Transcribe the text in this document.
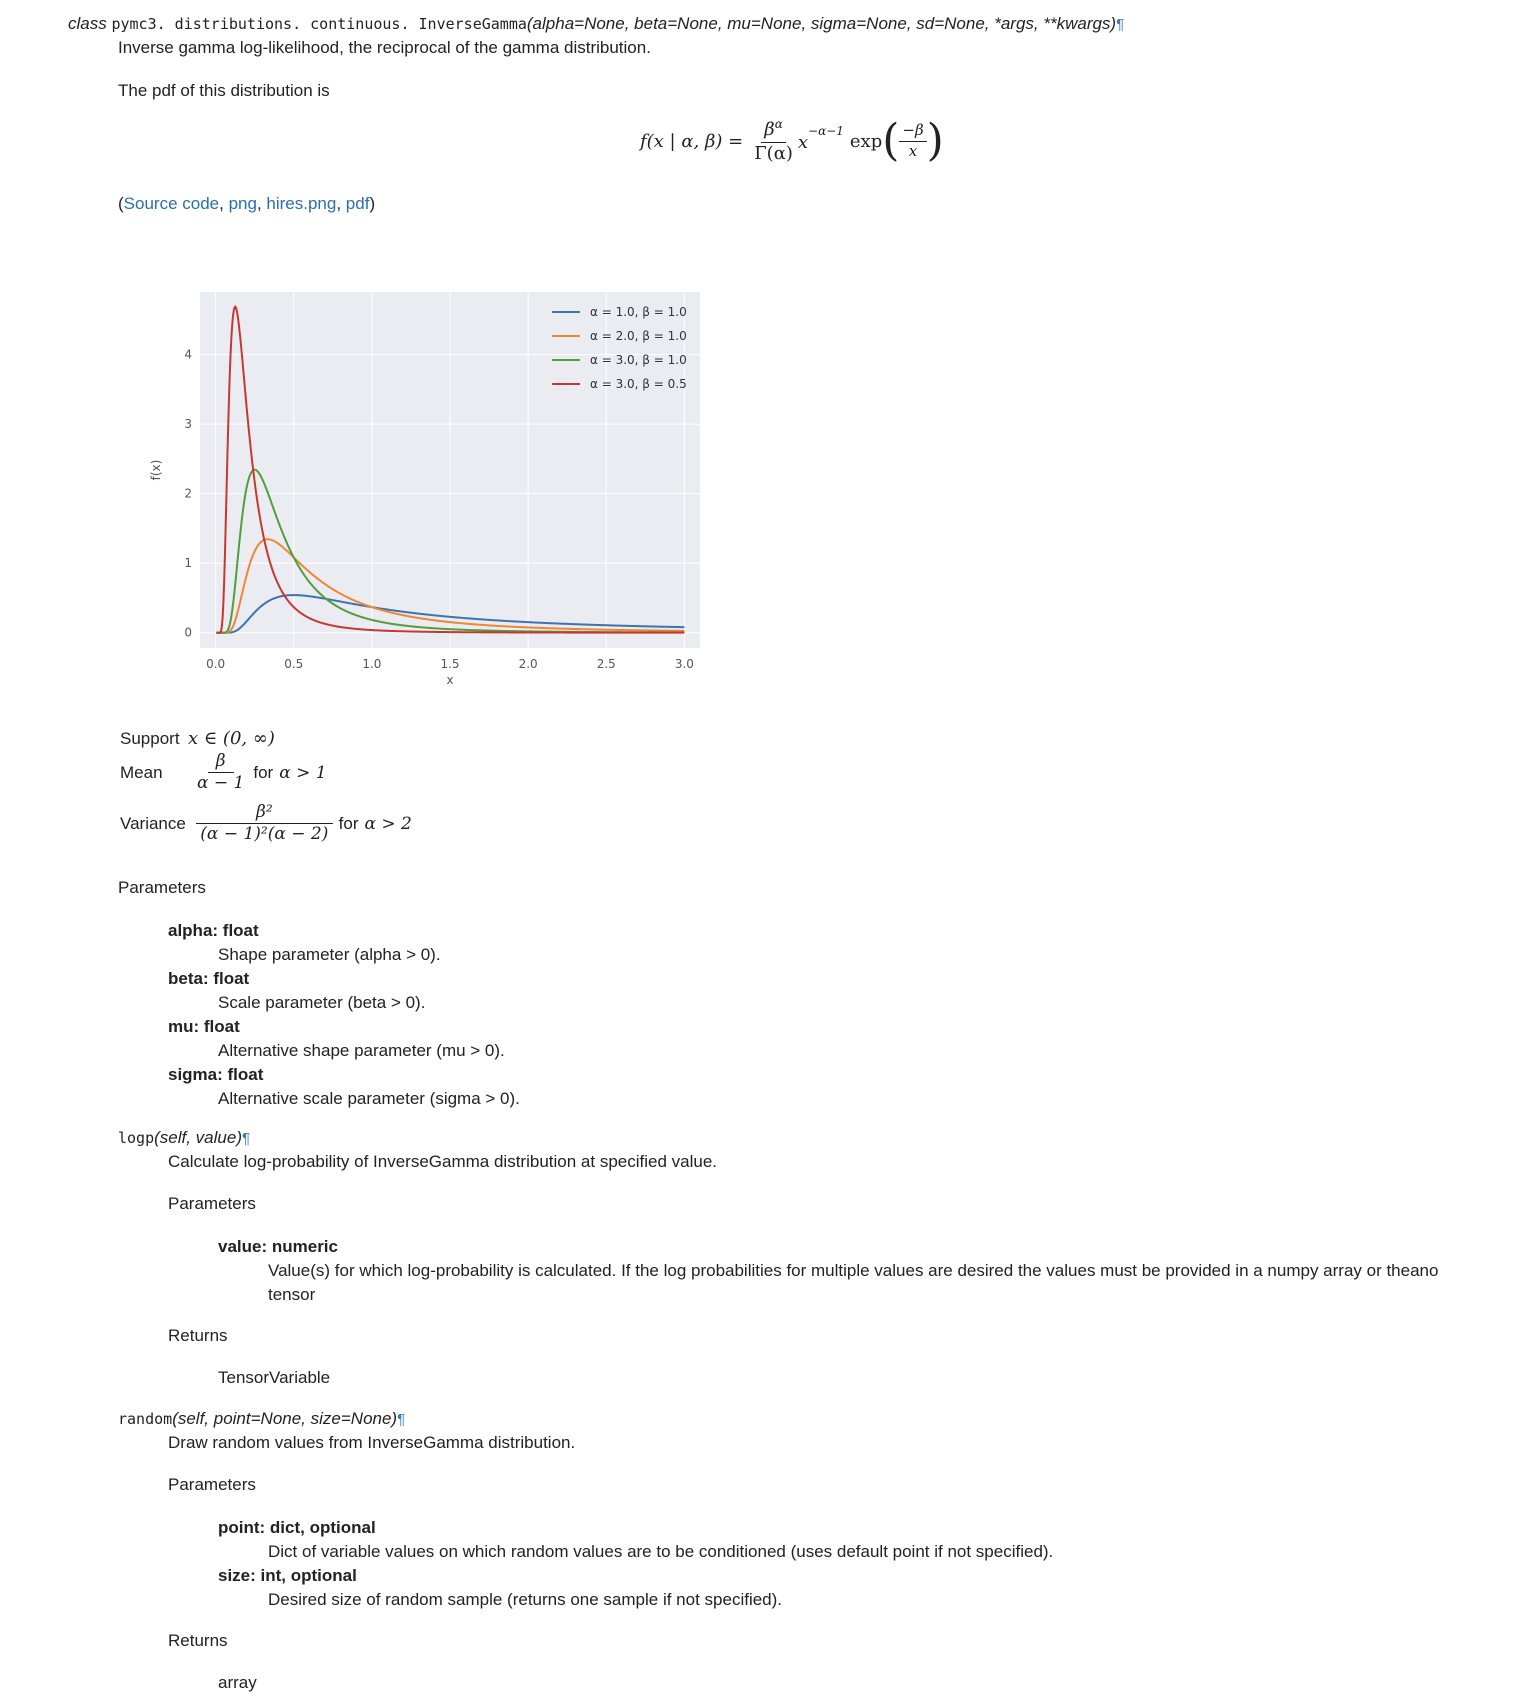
class pymc3. distributions. continuous. InverseGamma(alpha=None, beta=None, mu=None, sigma=None, sd=None, *args, **kwargs)¶
Inverse gamma log-likelihood, the reciprocal of the gamma distribution.
The pdf of this distribution is
f(x | α, $\beta) = \frac{\beta^\alpha}{\Gamma(\alpha)} x^{-\alpha-1}$ exp ( $\frac{-\beta}{x}$ )
(Source code, png, hires.png, pdf)
0.0	0.5	1.0	1.5	2.0	2.5	3.0
0
1
2
3
4
x
f(x)
α = 1.0, β = 1.0
α = 2.0, β = 1.0
α = 3.0, β = 1.0
α = 3.0, β = 0.5
Support x ∈ (0, ∞)
Mean	$\frac{\beta}{\alpha - 1}$ for α > 1
Variance $\frac{\text{β²}}{\text{(α − 1)²(α − 2)}}$ for α > 2
Parameters
alpha: float
Shape parameter (alpha > 0).
beta: float
Scale parameter (beta > 0).
mu: float
Alternative shape parameter (mu > 0).
sigma: float
Alternative scale parameter (sigma > 0).
logp(self, value)¶
Calculate log-probability of InverseGamma distribution at specified value.
Parameters
value: numeric
Value(s) for which log-probability is calculated. If the log probabilities for multiple values are desired the values must be provided in a numpy array or theano
tensor
Returns
TensorVariable
random(self, point=None, size=None)¶
Draw random values from InverseGamma distribution.
Parameters
point: dict, optional
Dict of variable values on which random values are to be conditioned (uses default point if not specified).
size: int, optional
Desired size of random sample (returns one sample if not specified).
Returns
array
